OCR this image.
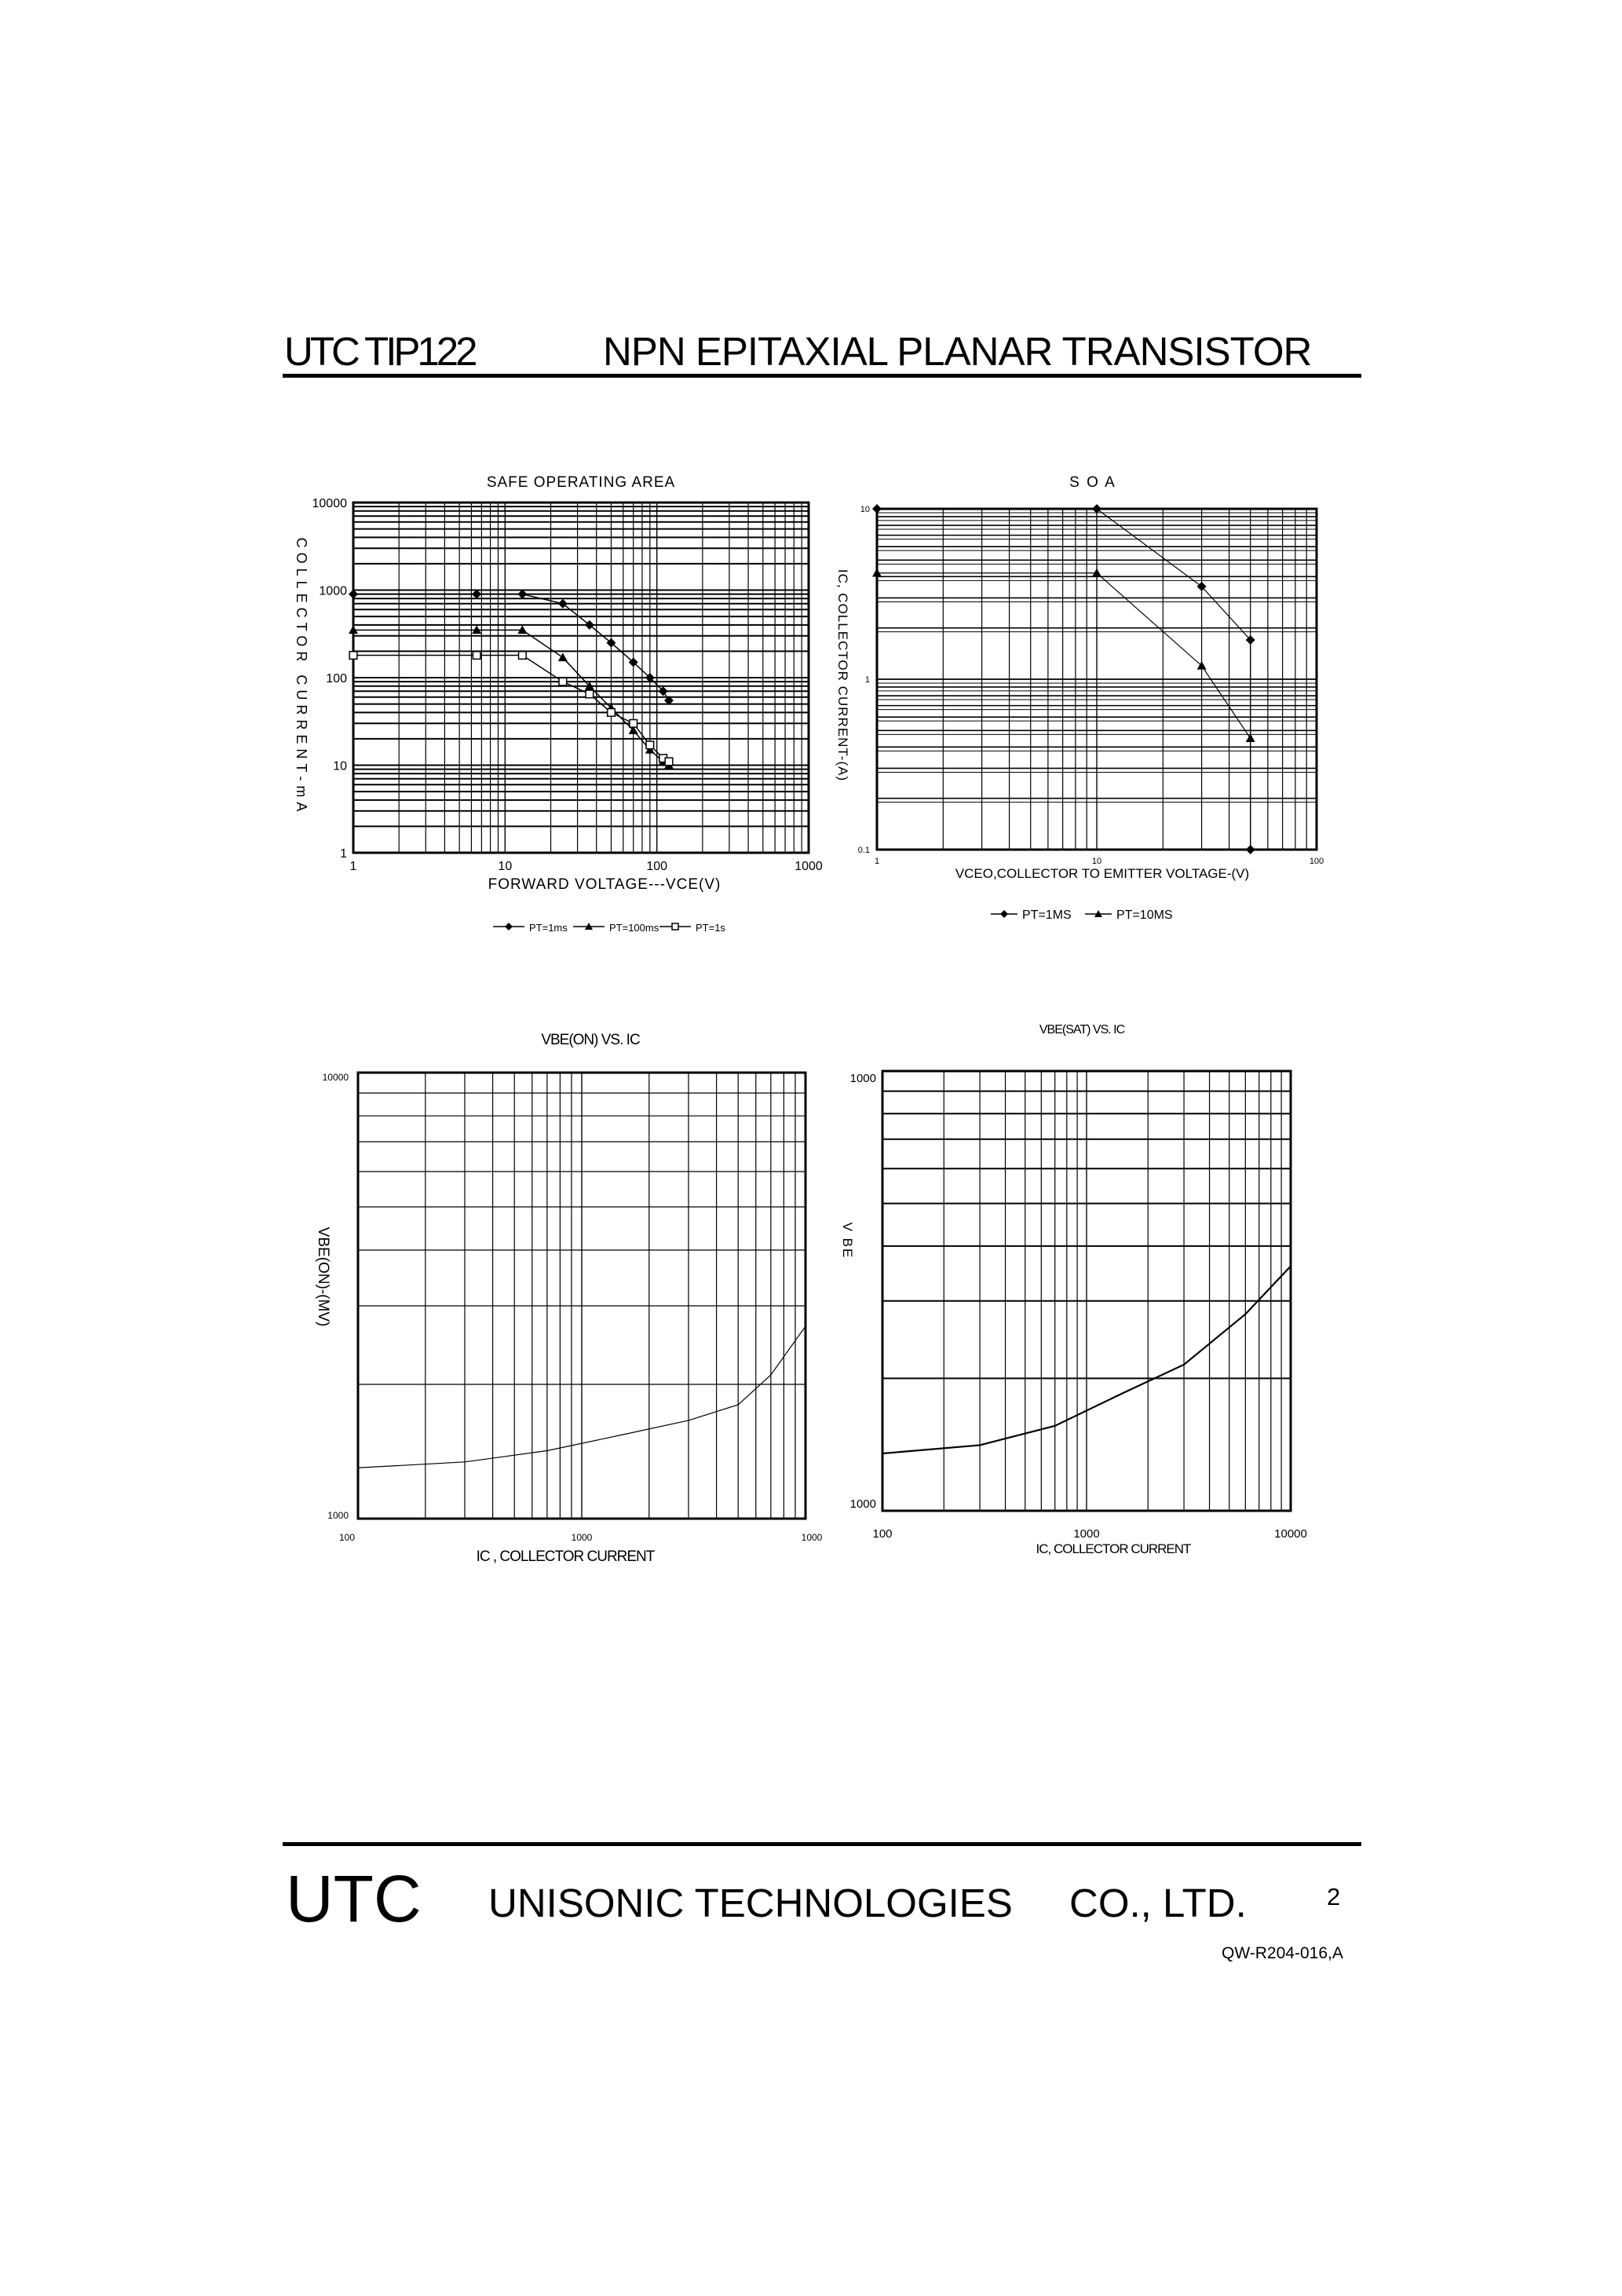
UTC TIP122	NPN EPITAXIAL PLANAR TRANSISTOR
SAFE OPERATING AREA
1	10	100	1000
1
10
100
1000
10000
FORWARD VOLTAGE---VCE(V)
COLLECTOR CURRENT-mA
PT=1ms	PT=100ms	PT=1s
S O A
1	10	100
0.1
1
10
VCEO,COLLECTOR TO EMITTER VOLTAGE-(V)
IC, COLLECTOR CURRENT-(A)
PT=1MS	PT=10MS
VBE(ON) VS. IC
100	1000	1000
1000
10000
IC , COLLECTOR CURRENT
VBE(ON)-(MV)
VBE(SAT) VS. IC
100	1000	10000
1000
1000
IC, COLLECTOR CURRENT
V BE
UTC UNISONIC TECHNOLOGIES CO., LTD.	2
QW-R204-016,A
